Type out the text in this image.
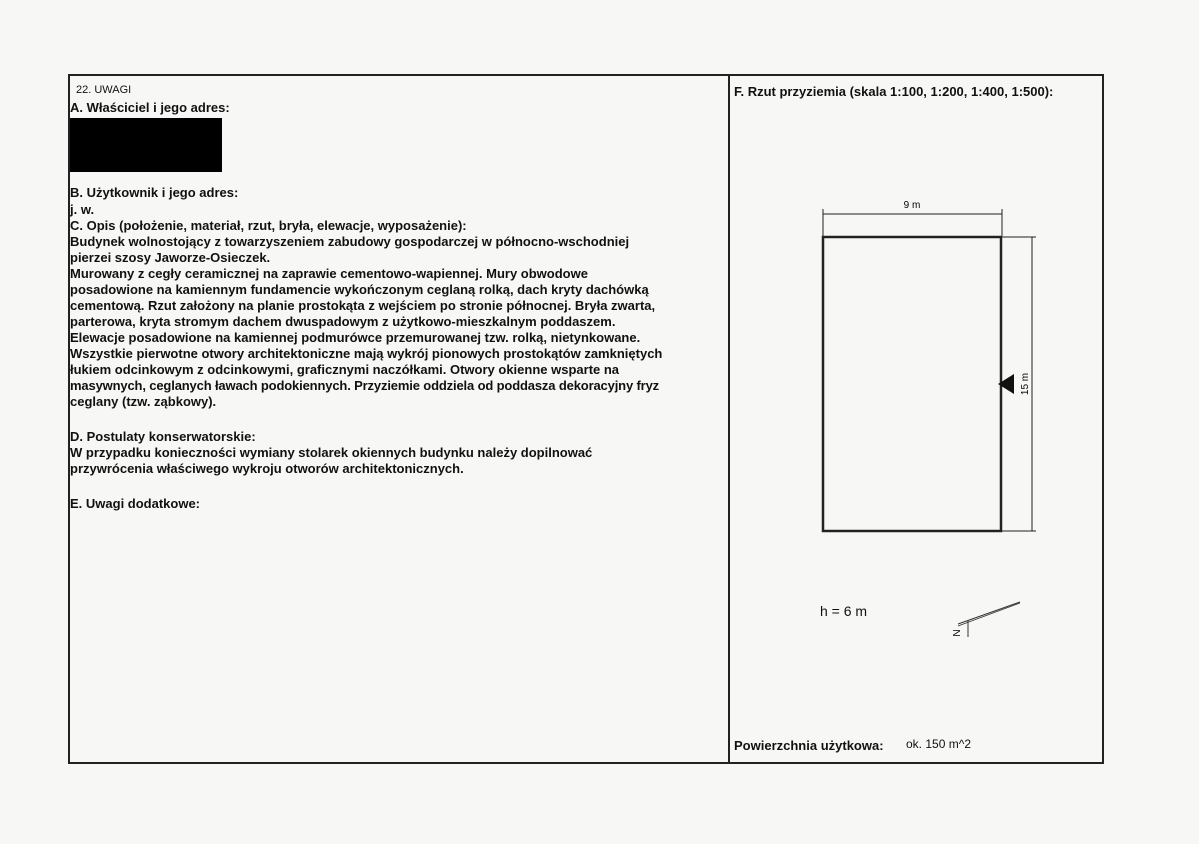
22. UWAGI
A. Właściciel i jego adres:
B. Użytkownik i jego adres:
j. w.
C. Opis (położenie, materiał, rzut, bryła, elewacje, wyposażenie):
Budynek wolnostojący z towarzyszeniem zabudowy gospodarczej w północno-wschodniej
pierzei szosy Jaworze-Osieczek.
Murowany z cegły ceramicznej na zaprawie cementowo-wapiennej. Mury obwodowe
posadowione na kamiennym fundamencie wykończonym ceglaną rolką, dach kryty dachówką
cementową. Rzut założony na planie prostokąta z wejściem po stronie północnej. Bryła zwarta,
parterowa, kryta stromym dachem dwuspadowym z użytkowo-mieszkalnym poddaszem.
Elewacje posadowione na kamiennej podmurówce przemurowanej tzw. rolką, nietynkowane.
Wszystkie pierwotne otwory architektoniczne mają wykrój pionowych prostokątów zamkniętych
łukiem odcinkowym z odcinkowymi, graficznymi naczółkami. Otwory okienne wsparte na
masywnych, ceglanych ławach podokiennych. Przyziemie oddziela od poddasza dekoracyjny fryz
ceglany (tzw. ząbkowy).
D. Postulaty konserwatorskie:
W przypadku konieczności wymiany stolarek okiennych budynku należy dopilnować
przywrócenia właściwego wykroju otworów architektonicznych.
E. Uwagi dodatkowe:
F. Rzut przyziemia (skala 1:100, 1:200, 1:400, 1:500):
9 m
15 m
N
h = 6 m
Powierzchnia użytkowa: ok. 150 m^2
